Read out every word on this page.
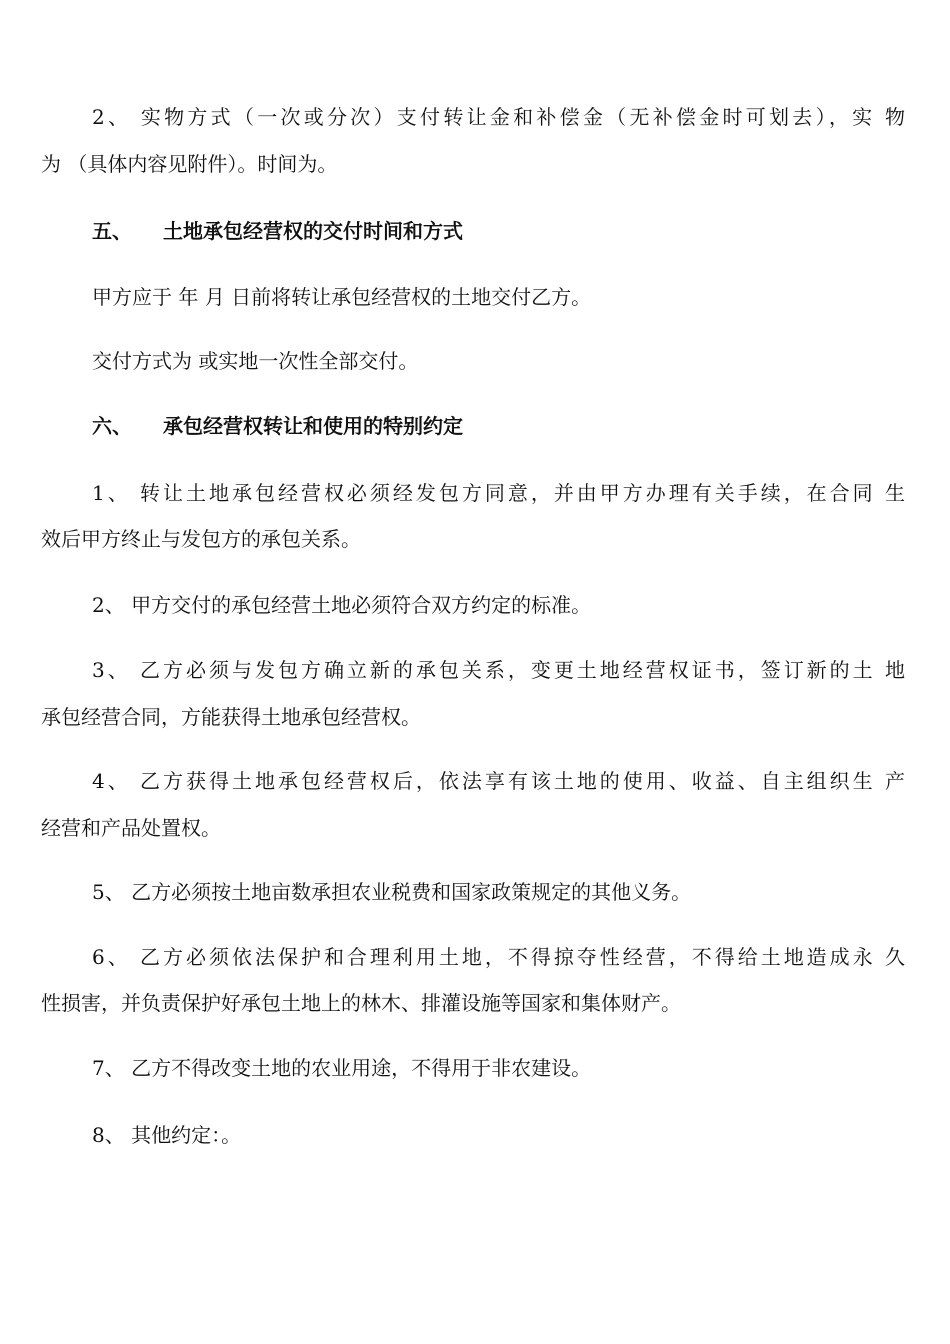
2、 实物方式（一次或分次）支付转让金和补偿金（无补偿金时可划去），实 物
为 （具体内容见附件）。时间为。
五、 土地承包经营权的交付时间和方式
甲方应于 年 月 日前将转让承包经营权的土地交付乙方。
交付方式为 或实地一次性全部交付。
六、 承包经营权转让和使用的特别约定
1、 转让土地承包经营权必须经发包方同意，并由甲方办理有关手续，在合同 生
效后甲方终止与发包方的承包关系。
2、 甲方交付的承包经营土地必须符合双方约定的标准。
3、 乙方必须与发包方确立新的承包关系，变更土地经营权证书，签订新的土 地
承包经营合同，方能获得土地承包经营权。
4、 乙方获得土地承包经营权后，依法享有该土地的使用、收益、自主组织生 产
经营和产品处置权。
5、 乙方必须按土地亩数承担农业税费和国家政策规定的其他义务。
6、 乙方必须依法保护和合理利用土地，不得掠夺性经营，不得给土地造成永 久
性损害，并负责保护好承包土地上的林木、排灌设施等国家和集体财产。
7、 乙方不得改变土地的农业用途，不得用于非农建设。
8、 其他约定：。
